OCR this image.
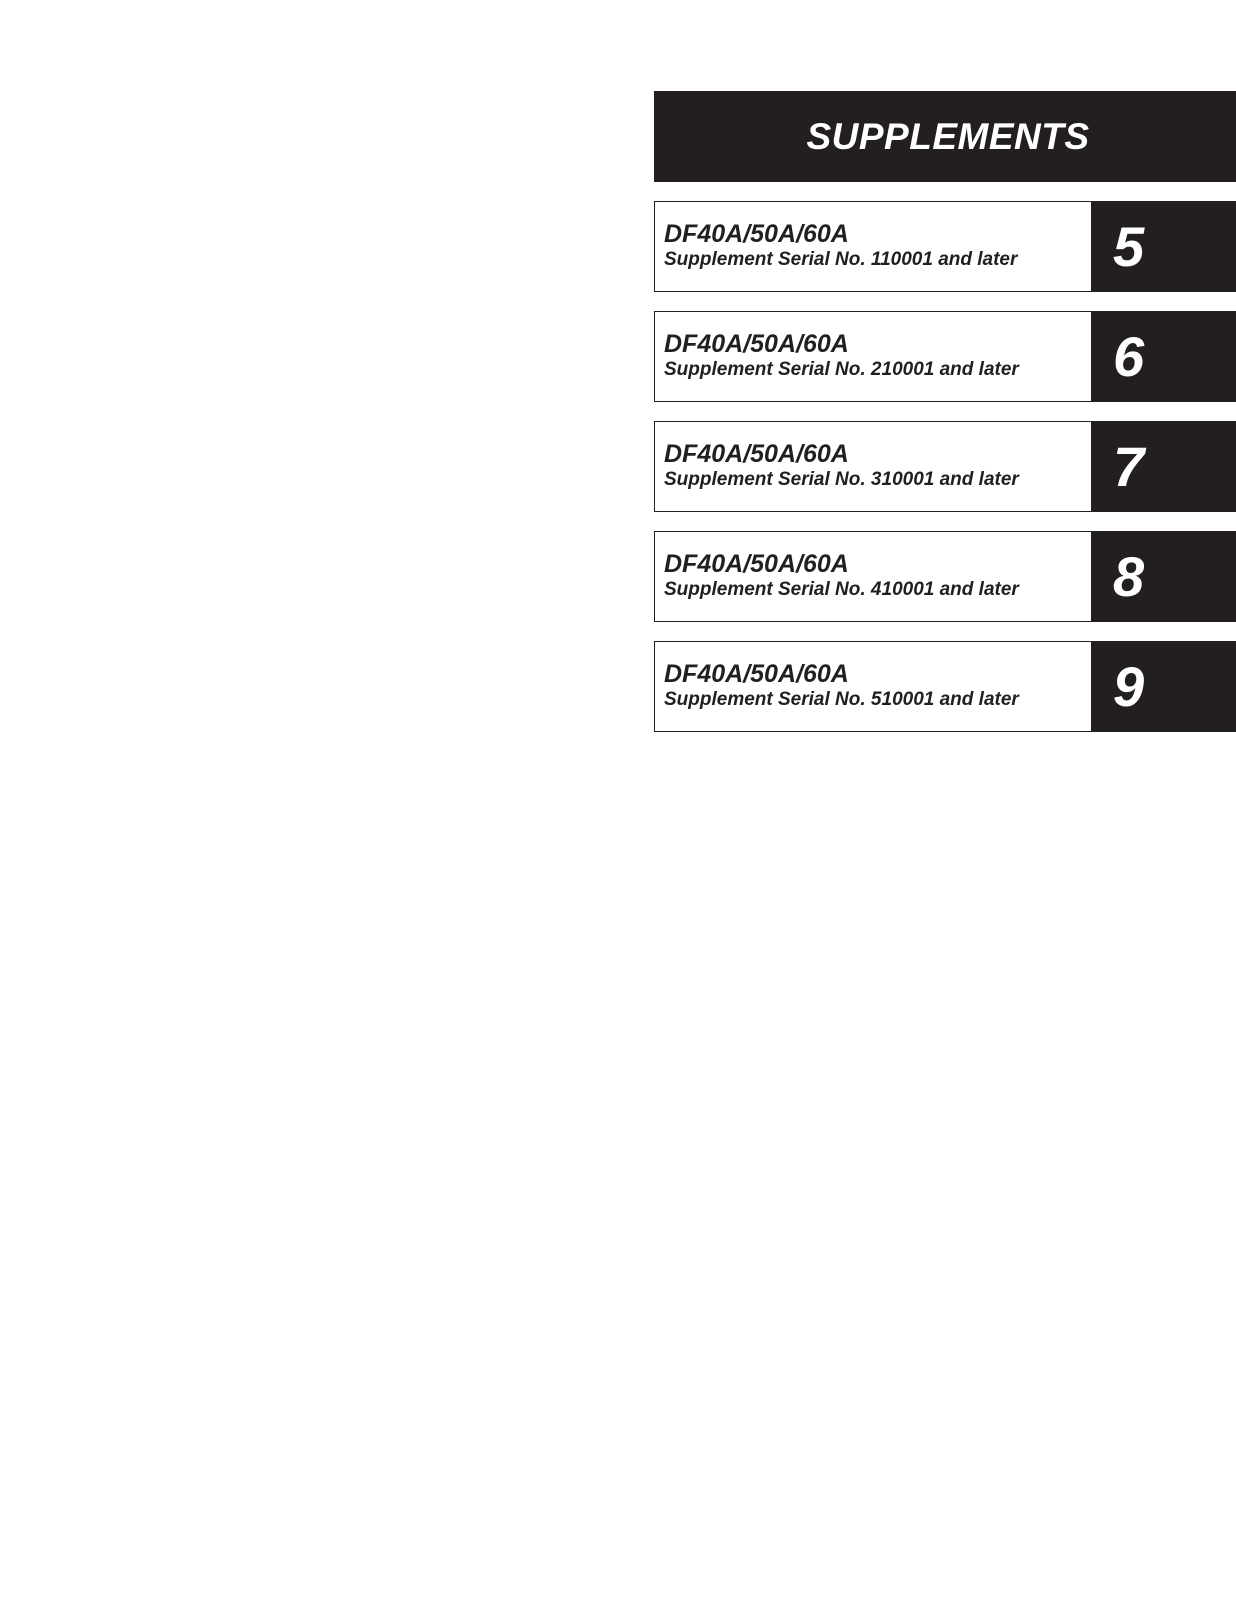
SUPPLEMENTS
DF40A/50A/60A
Supplement Serial No. 110001 and later	5
DF40A/50A/60A
Supplement Serial No. 210001 and later	6
DF40A/50A/60A
Supplement Serial No. 310001 and later	7
DF40A/50A/60A
Supplement Serial No. 410001 and later	8
DF40A/50A/60A
Supplement Serial No. 510001 and later	9
